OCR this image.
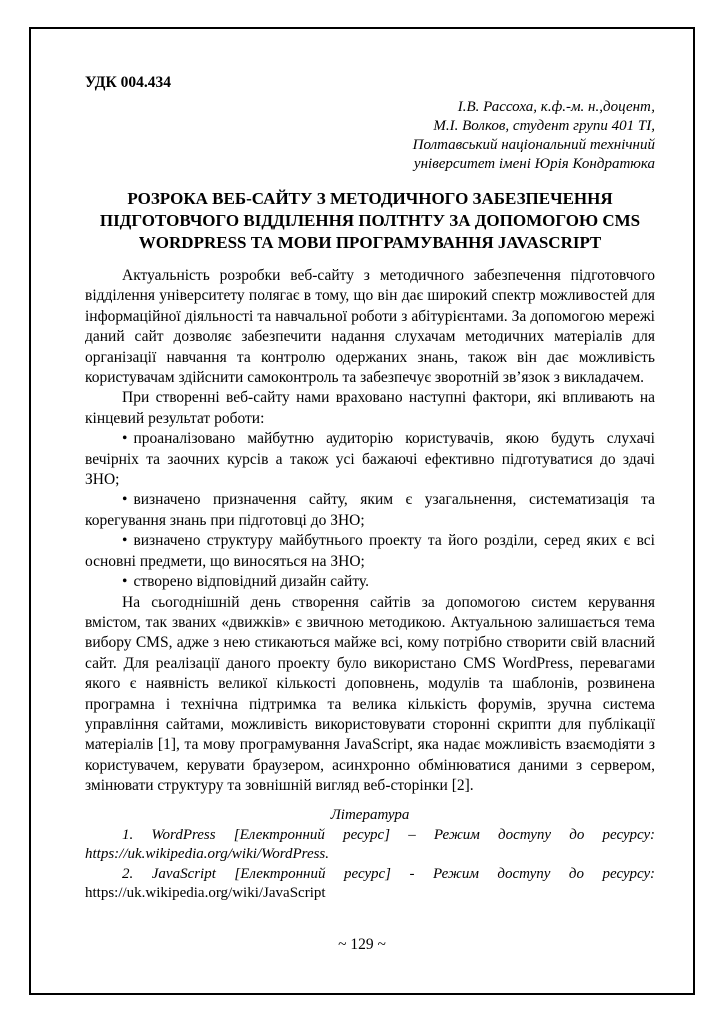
УДК 004.434
І.В. Рассоха, к.ф.-м. н.,доцент,
М.І. Волков, студент групи 401 ТІ,
Полтавський національний технічний
університет імені Юрія Кондратюка
РОЗРОКА ВЕБ-САЙТУ З МЕТОДИЧНОГО ЗАБЕЗПЕЧЕННЯ ПІДГОТОВЧОГО ВІДДІЛЕННЯ ПОЛТНТУ ЗА ДОПОМОГОЮ CMS WORDPRESS ТА МОВИ ПРОГРАМУВАННЯ JAVASCRIPT

Актуальність розробки веб-сайту з методичного забезпечення підготовчого відділення університету полягає в тому, що він дає широкий спектр можливостей для інформаційної діяльності та навчальної роботи з абітурієнтами. За допомогою мережі даний сайт дозволяє забезпечити надання слухачам методичних матеріалів для організації навчання та контролю одержаних знань, також він дає можливість користувачам здійснити самоконтроль та забезпечує зворотній зв’язок з викладачем.

При створенні веб-сайту нами враховано наступні фактори, які впливають на кінцевий результат роботи:

• проаналізовано майбутню аудиторію користувачів, якою будуть слухачі вечірніх та заочних курсів а також усі бажаючі ефективно підготуватися до здачі ЗНО;

• визначено призначення сайту, яким є узагальнення, систематизація та корегування знань при підготовці до ЗНО;

• визначено структуру майбутнього проекту та його розділи, серед яких є всі основні предмети, що виносяться на ЗНО;

• створено відповідний дизайн сайту.

На сьогоднішній день створення сайтів за допомогою систем керування вмістом, так званих «движків» є звичною методикою. Актуальною залишається тема вибору CMS, адже з нею стикаються майже всі, кому потрібно створити свій власний сайт. Для реалізації даного проекту було використано CMS WordPress, перевагами якого є наявність великої кількості доповнень, модулів та шаблонів, розвинена програмна і технічна підтримка та велика кількість форумів, зручна система управління сайтами, можливість використовувати сторонні скрипти для публікації матеріалів [1], та мову програмування JavaScript, яка надає можливість взаємодіяти з користувачем, керувати браузером, асинхронно обмінюватися даними з сервером, змінювати структуру та зовнішній вигляд веб-сторінки [2].

Література

1. WordPress [Електронний ресурс] – Режим доступу до ресурсу: https://uk.wikipedia.org/wiki/WordPress.

2. JavaScript [Електронний ресурс] - Режим доступу до ресурсу: https://uk.wikipedia.org/wiki/JavaScript

~ 129 ~
